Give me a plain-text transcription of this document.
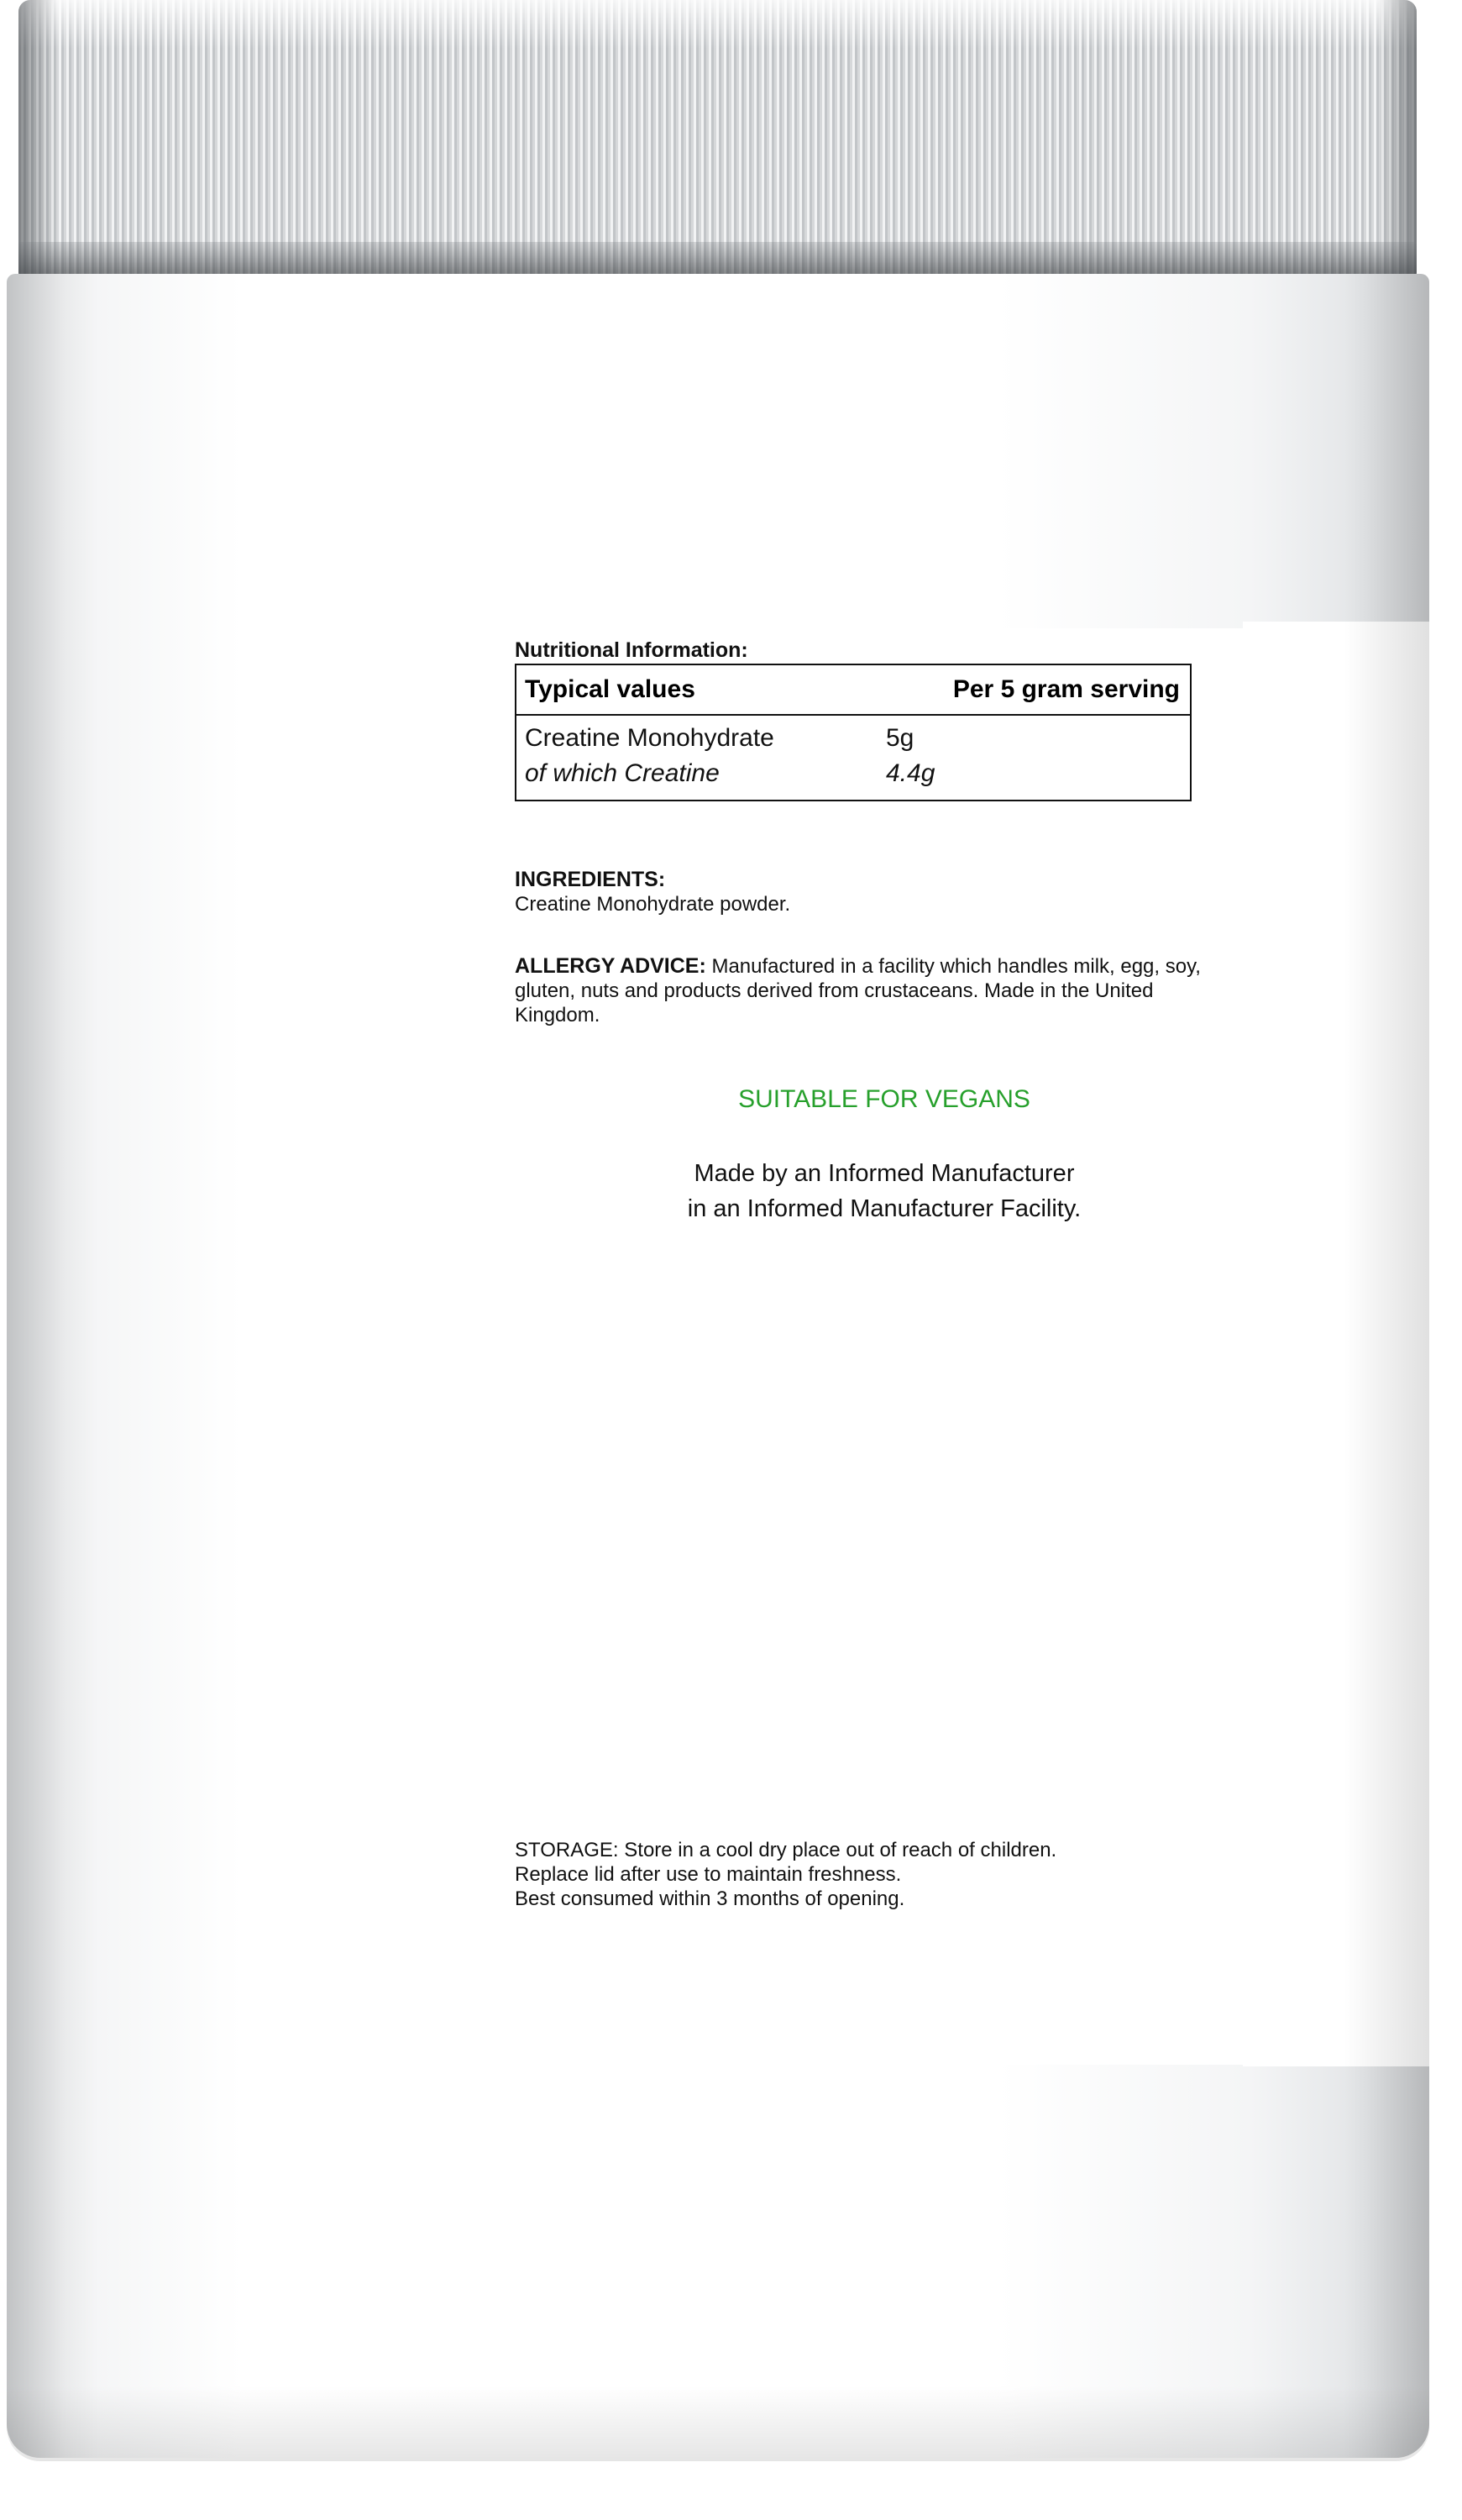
Nutritional Information:
Typical values	Per 5 gram serving
Creatine Monohydrate	5g
of which Creatine	4.4g
INGREDIENTS:
Creatine Monohydrate powder.
ALLERGY ADVICE: Manufactured in a facility which handles milk, egg, soy, gluten, nuts and products derived from crustaceans. Made in the United Kingdom.
SUITABLE FOR VEGANS
Made by an Informed Manufacturer
in an Informed Manufacturer Facility.
STORAGE: Store in a cool dry place out of reach of children.
Replace lid after use to maintain freshness.
Best consumed within 3 months of opening.
